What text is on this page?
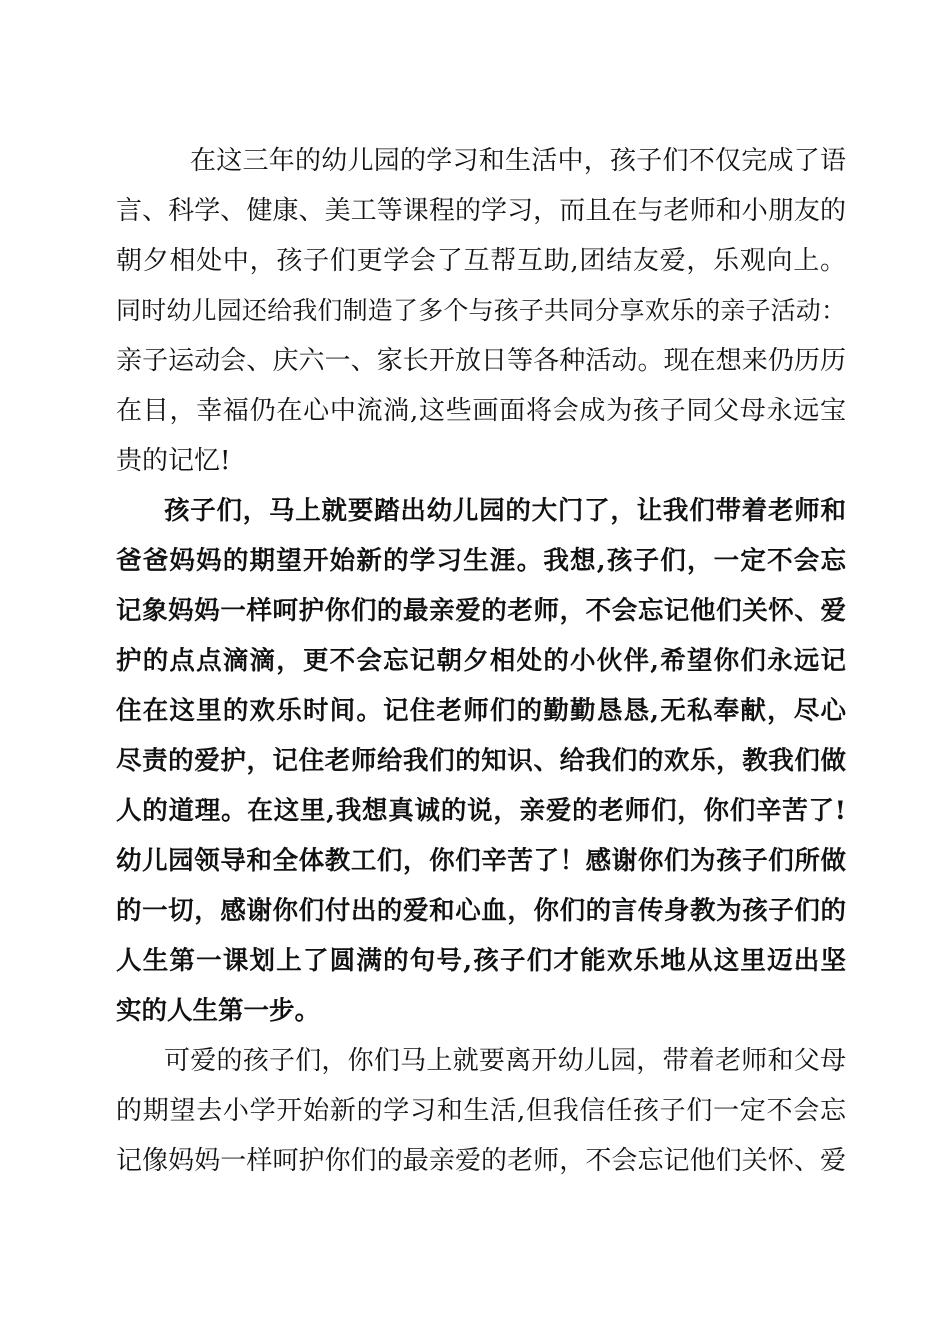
在这三年的幼儿园的学习和生活中，孩子们不仅完成了语
言、科学、健康、美工等课程的学习，而且在与老师和小朋友的
朝夕相处中，孩子们更学会了互帮互助,团结友爱，乐观向上。
同时幼儿园还给我们制造了多个与孩子共同分享欢乐的亲子活动：
亲子运动会、庆六一、家长开放日等各种活动。现在想来仍历历
在目，幸福仍在心中流淌,这些画面将会成为孩子同父母永远宝
贵的记忆!
孩子们，马上就要踏出幼儿园的大门了，让我们带着老师和
爸爸妈妈的期望开始新的学习生涯。我想,孩子们，一定不会忘
记象妈妈一样呵护你们的最亲爱的老师，不会忘记他们关怀、爱
护的点点滴滴，更不会忘记朝夕相处的小伙伴,希望你们永远记
住在这里的欢乐时间。记住老师们的勤勤恳恳,无私奉献，尽心
尽责的爱护，记住老师给我们的知识、给我们的欢乐，教我们做
人的道理。在这里,我想真诚的说，亲爱的老师们，你们辛苦了!
幼儿园领导和全体教工们，你们辛苦了！感谢你们为孩子们所做
的一切，感谢你们付出的爱和心血，你们的言传身教为孩子们的
人生第一课划上了圆满的句号,孩子们才能欢乐地从这里迈出坚
实的人生第一步。
可爱的孩子们，你们马上就要离开幼儿园，带着老师和父母
的期望去小学开始新的学习和生活,但我信任孩子们一定不会忘
记像妈妈一样呵护你们的最亲爱的老师，不会忘记他们关怀、爱
